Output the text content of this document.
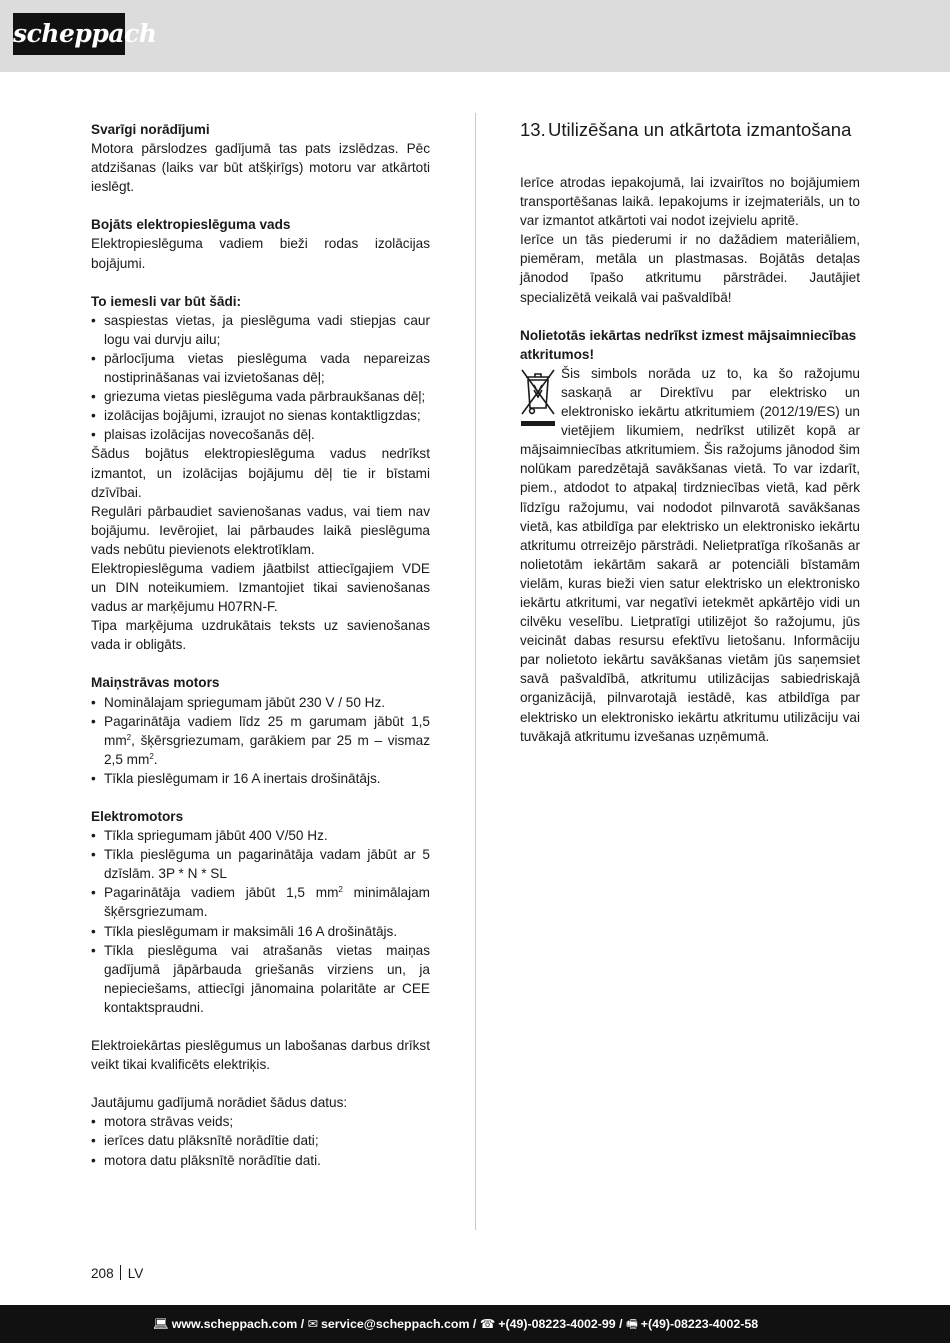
scheppach

Svarīgi norādījumi

Motora pārslodzes gadījumā tas pats izslēdzas. Pēc atdzišanas (laiks var būt atšķirīgs) motoru var atkārtoti ieslēgt.

Bojāts elektropieslēguma vads

Elektropieslēguma vadiem bieži rodas izolācijas bojājumi.

To iemesli var būt šādi:

• saspiestas vietas, ja pieslēguma vadi stiepjas caur logu vai durvju ailu;
• pārlocījuma vietas pieslēguma vada nepareizas nostiprināšanas vai izvietošanas dēļ;
• griezuma vietas pieslēguma vada pārbraukšanas dēļ;
• izolācijas bojājumi, izraujot no sienas kontaktligzdas;
• plaisas izolācijas novecošanās dēļ.

Šādus bojātus elektropieslēguma vadus nedrīkst izmantot, un izolācijas bojājumu dēļ tie ir bīstami dzīvībai.

Regulāri pārbaudiet savienošanas vadus, vai tiem nav bojājumu. Ievērojiet, lai pārbaudes laikā pieslēguma vads nebūtu pievienots elektrotīklam.

Elektropieslēguma vadiem jāatbilst attiecīgajiem VDE un DIN noteikumiem. Izmantojiet tikai savienošanas vadus ar marķējumu H07RN-F.

Tipa marķējuma uzdrukātais teksts uz savienošanas vada ir obligāts.

Maiņstrāvas motors

• Nominālajam spriegumam jābūt 230 V / 50 Hz.
• Pagarinātāja vadiem līdz 25 m garumam jābūt 1,5 $mm^2$, šķērsgriezumam, garākiem par 25 m – vismaz 2,5 $mm^2$.
• Tīkla pieslēgumam ir 16 A inertais drošinātājs.

Elektromotors

• Tīkla spriegumam jābūt 400 V/50 Hz.
• Tīkla pieslēguma un pagarinātāja vadam jābūt ar 5 dzīslām. 3P * N * SL
• Pagarinātāja vadiem jābūt 1,5 $mm^2$ minimālajam šķērsgriezumam.
• Tīkla pieslēgumam ir maksimāli 16 A drošinātājs.
• Tīkla pieslēguma vai atrašanās vietas maiņas gadījumā jāpārbauda griešanās virziens un, ja nepieciešams, attiecīgi jānomaina polaritāte ar CEE kontaktspraudni.

Elektroiekārtas pieslēgumus un labošanas darbus drīkst veikt tikai kvalificēts elektriķis.

Jautājumu gadījumā norādiet šādus datus:

• motora strāvas veids;
• ierīces datu plāksnītē norādītie dati;
• motora datu plāksnītē norādītie dati.
13. Utilizēšana un atkārtota izmantošana

Ierīce atrodas iepakojumā, lai izvairītos no bojājumiem transportēšanas laikā. Iepakojums ir izejmateriāls, un to var izmantot atkārtoti vai nodot izejvielu apritē.

Ierīce un tās piederumi ir no dažādiem materiāliem, piemēram, metāla un plastmasas. Bojātās detaļas jānodod īpašo atkritumu pārstrādei. Jautājiet specializētā veikalā vai pašvaldībā!

Nolietotās iekārtas nedrīkst izmest mājsaimniecības atkritumos!

Šis simbols norāda uz to, ka šo ražojumu saskaņā ar Direktīvu par elektrisko un elektronisko iekārtu atkritumiem (2012/19/ES) un vietējiem likumiem, nedrīkst utilizēt kopā ar mājsaimniecības atkritumiem. Šis ražojums jānodod šim nolūkam paredzētajā savākšanas vietā. To var izdarīt, piem., atdodot to atpakaļ tirdzniecības vietā, kad pērk līdzīgu ražojumu, vai nododot pilnvarotā savākšanas vietā, kas atbildīga par elektrisko un elektronisko iekārtu atkritumu otrreizējo pārstrādi. Nelietpratīga rīkošanās ar nolietotām iekārtām sakarā ar potenciāli bīstamām vielām, kuras bieži vien satur elektrisko un elektronisko iekārtu atkritumi, var negatīvi ietekmēt apkārtējo vidi un cilvēku veselību. Lietpratīgi utilizējot šo ražojumu, jūs veicināt dabas resursu efektīvu lietošanu. Informāciju par nolietoto iekārtu savākšanas vietām jūs saņemsiet savā pašvaldībā, atkritumu utilizācijas sabiedriskajā organizācijā, pilnvarotajā iestādē, kas atbildīga par elektrisko un elektronisko iekārtu atkritumu utilizāciju vai tuvākajā atkritumu izvešanas uzņēmumā.

208 LV
💻︎ www.scheppach.com / ✉ service@scheppach.com / ☎ +(49)-08223-4002-99 / 🖷︎ +(49)-08223-4002-58
